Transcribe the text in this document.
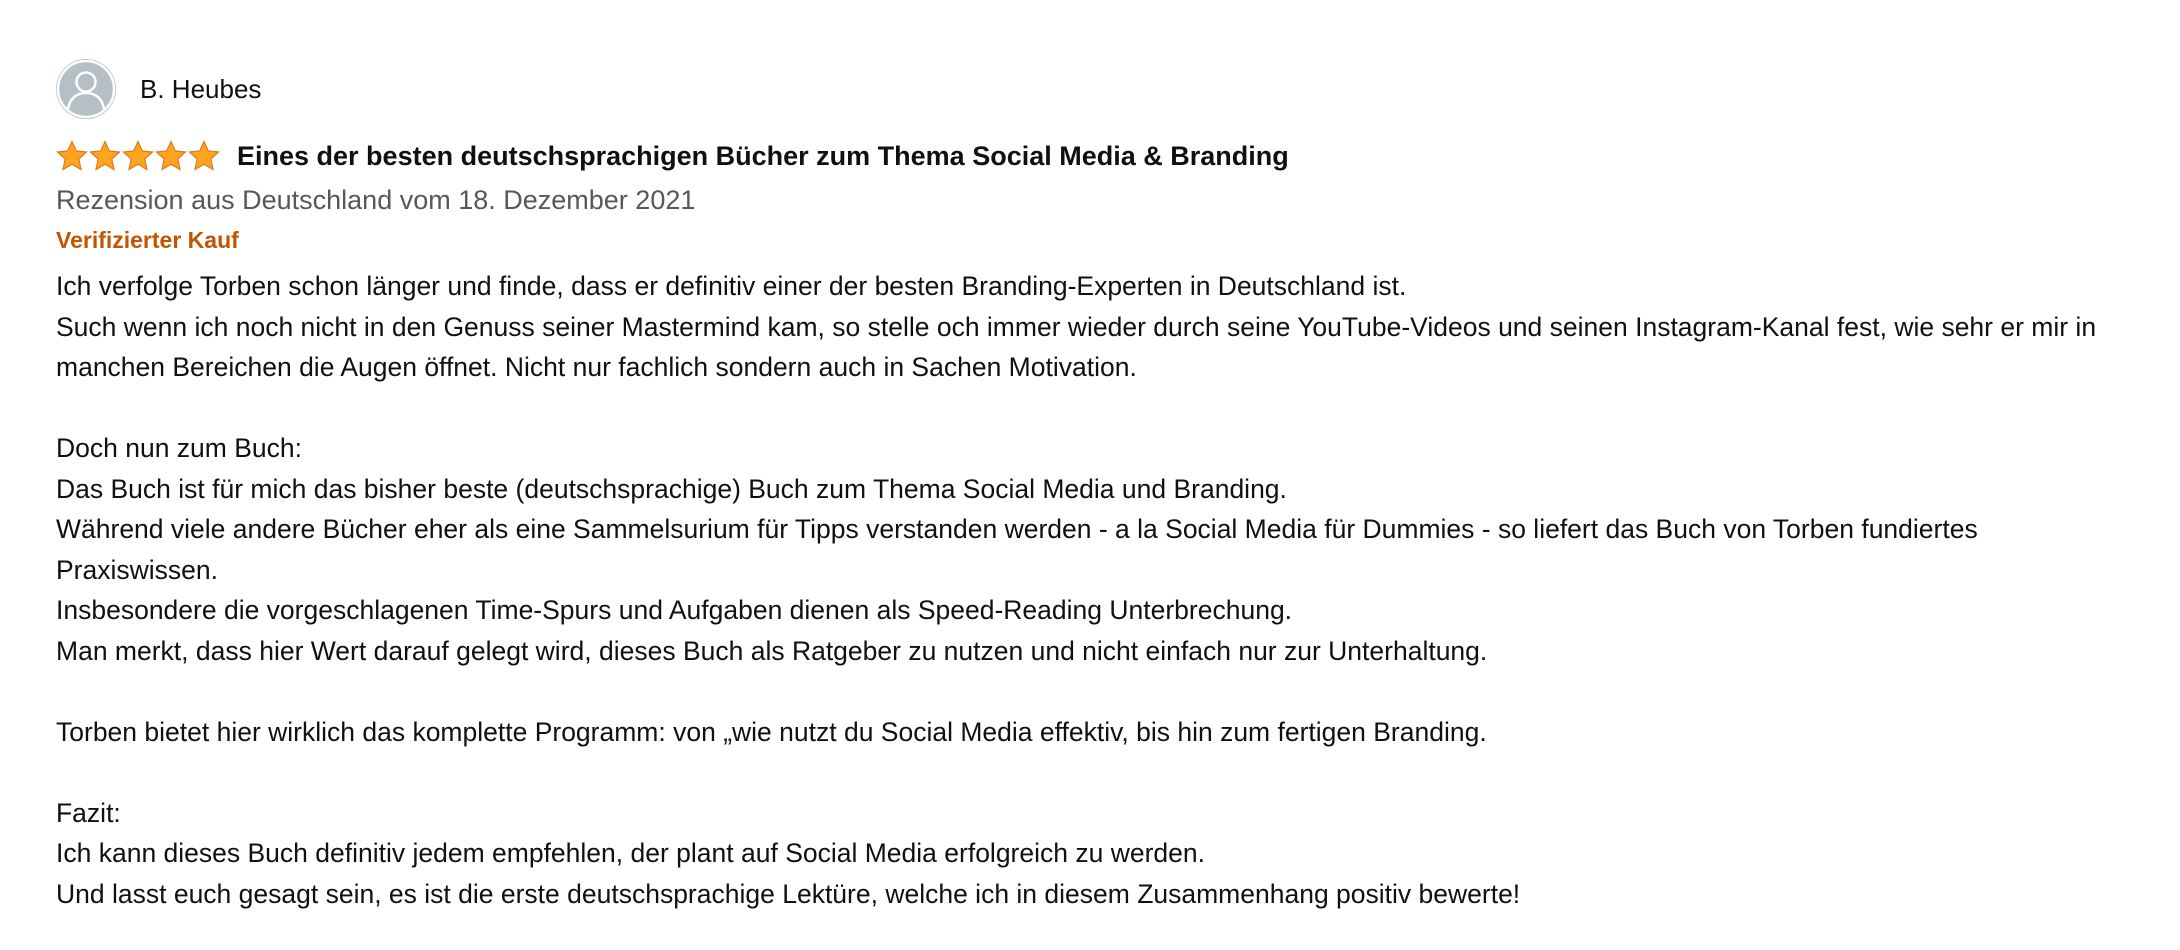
B. Heubes
Eines der besten deutschsprachigen Bücher zum Thema Social Media & Branding
Rezension aus Deutschland vom 18. Dezember 2021
Verifizierter Kauf

Ich verfolge Torben schon länger und finde, dass er definitiv einer der besten Branding-Experten in Deutschland ist.

Such wenn ich noch nicht in den Genuss seiner Mastermind kam, so stelle och immer wieder durch seine YouTube-Videos und seinen Instagram-Kanal fest, wie sehr er mir in manchen Bereichen die Augen öffnet. Nicht nur fachlich sondern auch in Sachen Motivation.

Doch nun zum Buch:

Das Buch ist für mich das bisher beste (deutschsprachige) Buch zum Thema Social Media und Branding.

Während viele andere Bücher eher als eine Sammelsurium für Tipps verstanden werden - a la Social Media für Dummies - so liefert das Buch von Torben fundiertes Praxiswissen.

Insbesondere die vorgeschlagenen Time-Spurs und Aufgaben dienen als Speed-Reading Unterbrechung.

Man merkt, dass hier Wert darauf gelegt wird, dieses Buch als Ratgeber zu nutzen und nicht einfach nur zur Unterhaltung.

Torben bietet hier wirklich das komplette Programm: von „wie nutzt du Social Media effektiv, bis hin zum fertigen Branding.

Fazit:

Ich kann dieses Buch definitiv jedem empfehlen, der plant auf Social Media erfolgreich zu werden.

Und lasst euch gesagt sein, es ist die erste deutschsprachige Lektüre, welche ich in diesem Zusammenhang positiv bewerte!
